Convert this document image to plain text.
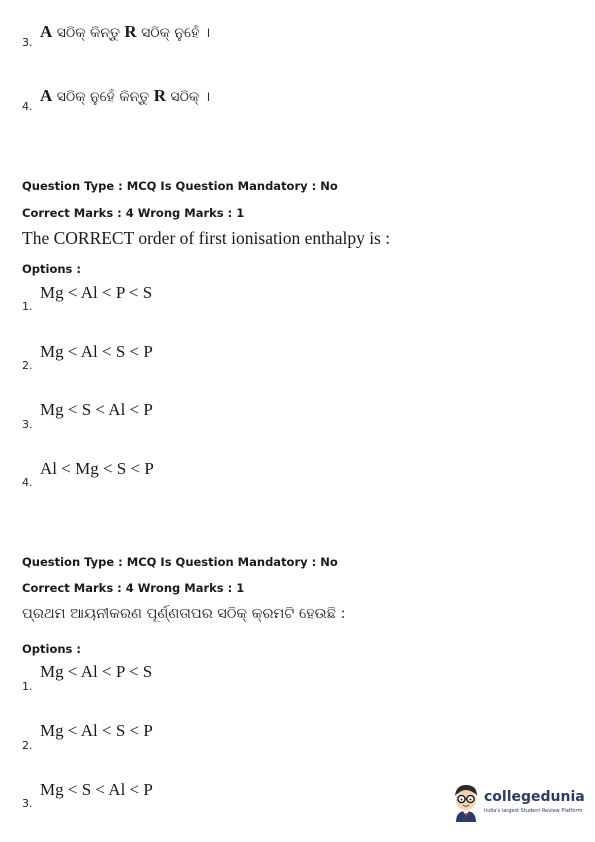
3.
A ସଠିକ୍ କିନ୍ତୁ R ସଠିକ୍ ନୁହେଁ ।
4.
A ସଠିକ୍ ନୁହେଁ କିନ୍ତୁ R ସଠିକ୍ ।
Question Type : MCQ Is Question Mandatory : No
Correct Marks : 4 Wrong Marks : 1
The CORRECT order of first ionisation enthalpy is :
Options :
1.
Mg < Al < P < S
2.
Mg < Al < S < P
3.
Mg < S < Al < P
4.
Al < Mg < S < P
Question Type : MCQ Is Question Mandatory : No
Correct Marks : 4 Wrong Marks : 1
ପ୍ରଥମ ଆୟନୀକରଣ ପୂର୍ଣ୍ଣତାପର ସଠିକ୍ କ୍ରମଟି ହେଉଛି :
Options :
1.
Mg < Al < P < S
2.
Mg < Al < S < P
3.
Mg < S < Al < P	collegedunia
India's largest Student Review Platform
